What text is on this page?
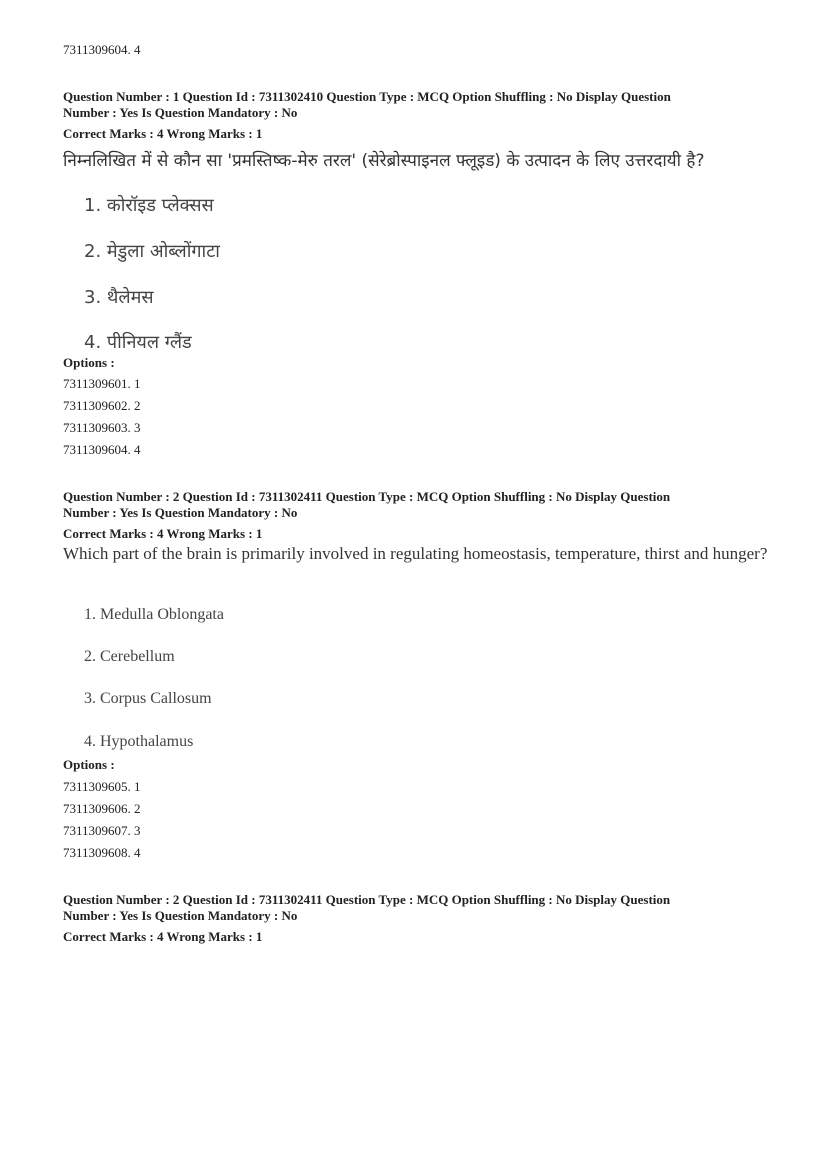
7311309604. 4
Question Number : 1 Question Id : 7311302410 Question Type : MCQ Option Shuffling : No Display Question
Number : Yes Is Question Mandatory : No
Correct Marks : 4 Wrong Marks : 1
निम्नलिखित में से कौन सा 'प्रमस्तिष्क-मेरु तरल' (सेरेब्रोस्पाइनल फ्लूइड) के उत्पादन के लिए उत्तरदायी है?
1. कोरॉइड प्लेक्सस
2. मेडुला ओब्लोंगाटा
3. थैलेमस
4. पीनियल ग्लैंड
Options :
7311309601. 1
7311309602. 2
7311309603. 3
7311309604. 4
Question Number : 2 Question Id : 7311302411 Question Type : MCQ Option Shuffling : No Display Question
Number : Yes Is Question Mandatory : No
Correct Marks : 4 Wrong Marks : 1
Which part of the brain is primarily involved in regulating homeostasis, temperature, thirst and hunger?
1. Medulla Oblongata
2. Cerebellum
3. Corpus Callosum
4. Hypothalamus
Options :
7311309605. 1
7311309606. 2
7311309607. 3
7311309608. 4
Question Number : 2 Question Id : 7311302411 Question Type : MCQ Option Shuffling : No Display Question
Number : Yes Is Question Mandatory : No
Correct Marks : 4 Wrong Marks : 1
